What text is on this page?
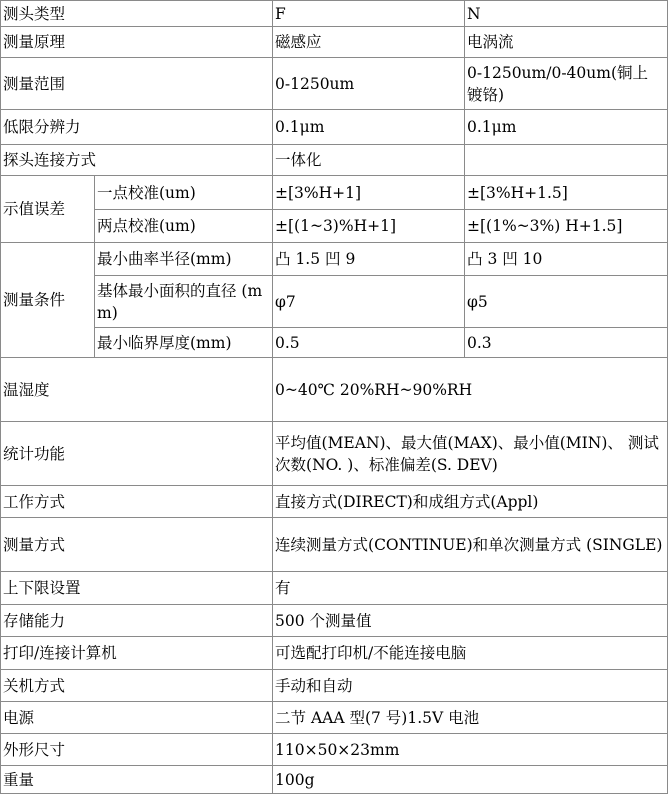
测头类型		F	N
测量原理		磁感应	电涡流
测量范围		0-1250um	0-1250um/0-40um(铜上 镀铬)
低限分辨力		0.1μm	0.1μm
探头连接方式		一体化	
示值误差	一点校准(um)	±[3%H+1]	±[3%H+1.5]
	两点校准(um)	±[(1~3)%H+1]	±[(1%~3%) H+1.5]
测量条件	最小曲率半径(mm)	凸 1.5 凹 9	凸 3 凹 10
	基体最小面积的直径 (mm)	φ7	φ5
	最小临界厚度(mm)	0.5	0.3
温湿度		0~40℃ 20%RH~90%RH	
统计功能		平均值(MEAN)、最大值(MAX)、最小值(MIN)、 测试次数(NO. )、标准偏差(S. DEV)	
工作方式		直接方式(DIRECT)和成组方式(Appl)	
测量方式		连续测量方式(CONTINUE)和单次测量方式 (SINGLE)	
上下限设置		有	
存储能力		500 个测量值	
打印/连接计算机		可选配打印机/不能连接电脑	
关机方式		手动和自动	
电源		二节 AAA 型(7 号)1.5V 电池	
外形尺寸		110×50×23mm	
重量		100g	
